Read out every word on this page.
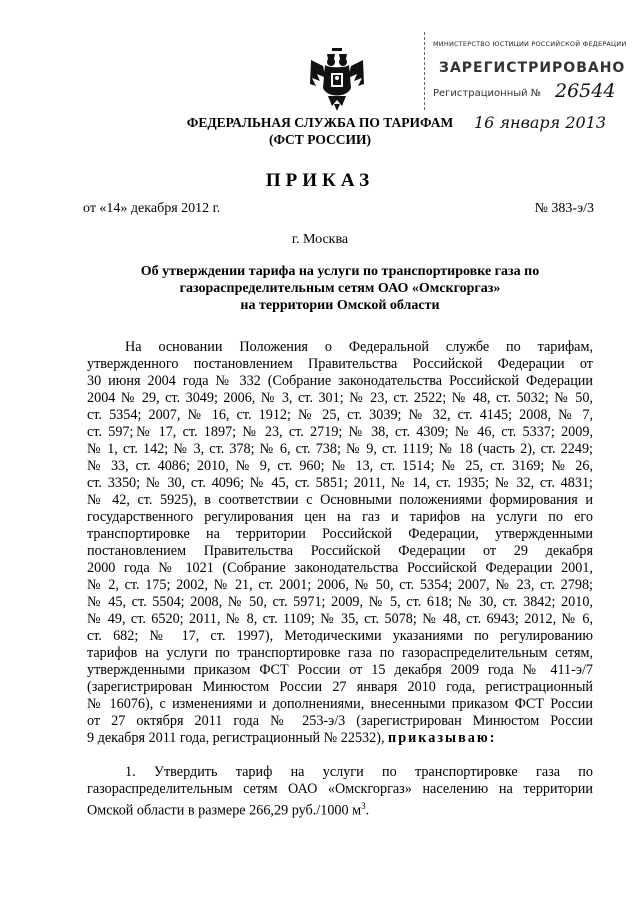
МИНИСТЕРСТВО ЮСТИЦИИ РОССИЙСКОЙ ФЕДЕРАЦИИ
ЗАРЕГИСТРИРОВАНО
Регистрационный № 26544
16 января 2013
ФЕДЕРАЛЬНАЯ СЛУЖБА ПО ТАРИФАМ
(ФСТ РОССИИ)
ПРИКАЗ
от «14» декабря 2012 г.	№ 383-э/3
г. Москва
Об утверждении тарифа на услуги по транспортировке газа по
газораспределительным сетям ОАО «Омскгоргаз»
на территории Омской области
На основании Положения о Федеральной службе по тарифам,
утвержденного постановлением Правительства Российской Федерации от
30 июня 2004 года № 332 (Собрание законодательства Российской Федерации
2004 № 29, ст. 3049; 2006, № 3, ст. 301; № 23, ст. 2522; № 48, ст. 5032; № 50,
ст. 5354; 2007, № 16, ст. 1912; № 25, ст. 3039; № 32, ст. 4145; 2008, № 7,
ст. 597;№ 17, ст. 1897; № 23, ст. 2719; № 38, ст. 4309; № 46, ст. 5337; 2009,
№ 1, ст. 142; № 3, ст. 378; № 6, ст. 738; № 9, ст. 1119; № 18 (часть 2), ст. 2249;
№ 33, ст. 4086; 2010, № 9, ст. 960; № 13, ст. 1514; № 25, ст. 3169; № 26,
ст. 3350; № 30, ст. 4096; № 45, ст. 5851; 2011, № 14, ст. 1935; № 32, ст. 4831;
№ 42, ст. 5925), в соответствии с Основными положениями формирования и
государственного регулирования цен на газ и тарифов на услуги по его
транспортировке на территории Российской Федерации, утвержденными
постановлением Правительства Российской Федерации от 29 декабря
2000 года № 1021 (Собрание законодательства Российской Федерации 2001,
№ 2, ст. 175; 2002, № 21, ст. 2001; 2006, № 50, ст. 5354; 2007, № 23, ст. 2798;
№ 45, ст. 5504; 2008, № 50, ст. 5971; 2009, № 5, ст. 618; № 30, ст. 3842; 2010,
№ 49, ст. 6520; 2011, № 8, ст. 1109; № 35, ст. 5078; № 48, ст. 6943; 2012, № 6,
ст. 682; № 17, ст. 1997), Методическими указаниями по регулированию
тарифов на услуги по транспортировке газа по газораспределительным сетям,
утвержденными приказом ФСТ России от 15 декабря 2009 года № 411-э/7
(зарегистрирован Минюстом России 27 января 2010 года, регистрационный
№ 16076), с изменениями и дополнениями, внесенными приказом ФСТ России
от 27 октября 2011 года № 253-э/3 (зарегистрирован Минюстом России
9 декабря 2011 года, регистрационный № 22532), приказываю:
1. Утвердить тариф на услуги по транспортировке газа по
газораспределительным сетям ОАО «Омскгоргаз» населению на территории
Омской области в размере 266,29 руб./1000 $м^3$.
